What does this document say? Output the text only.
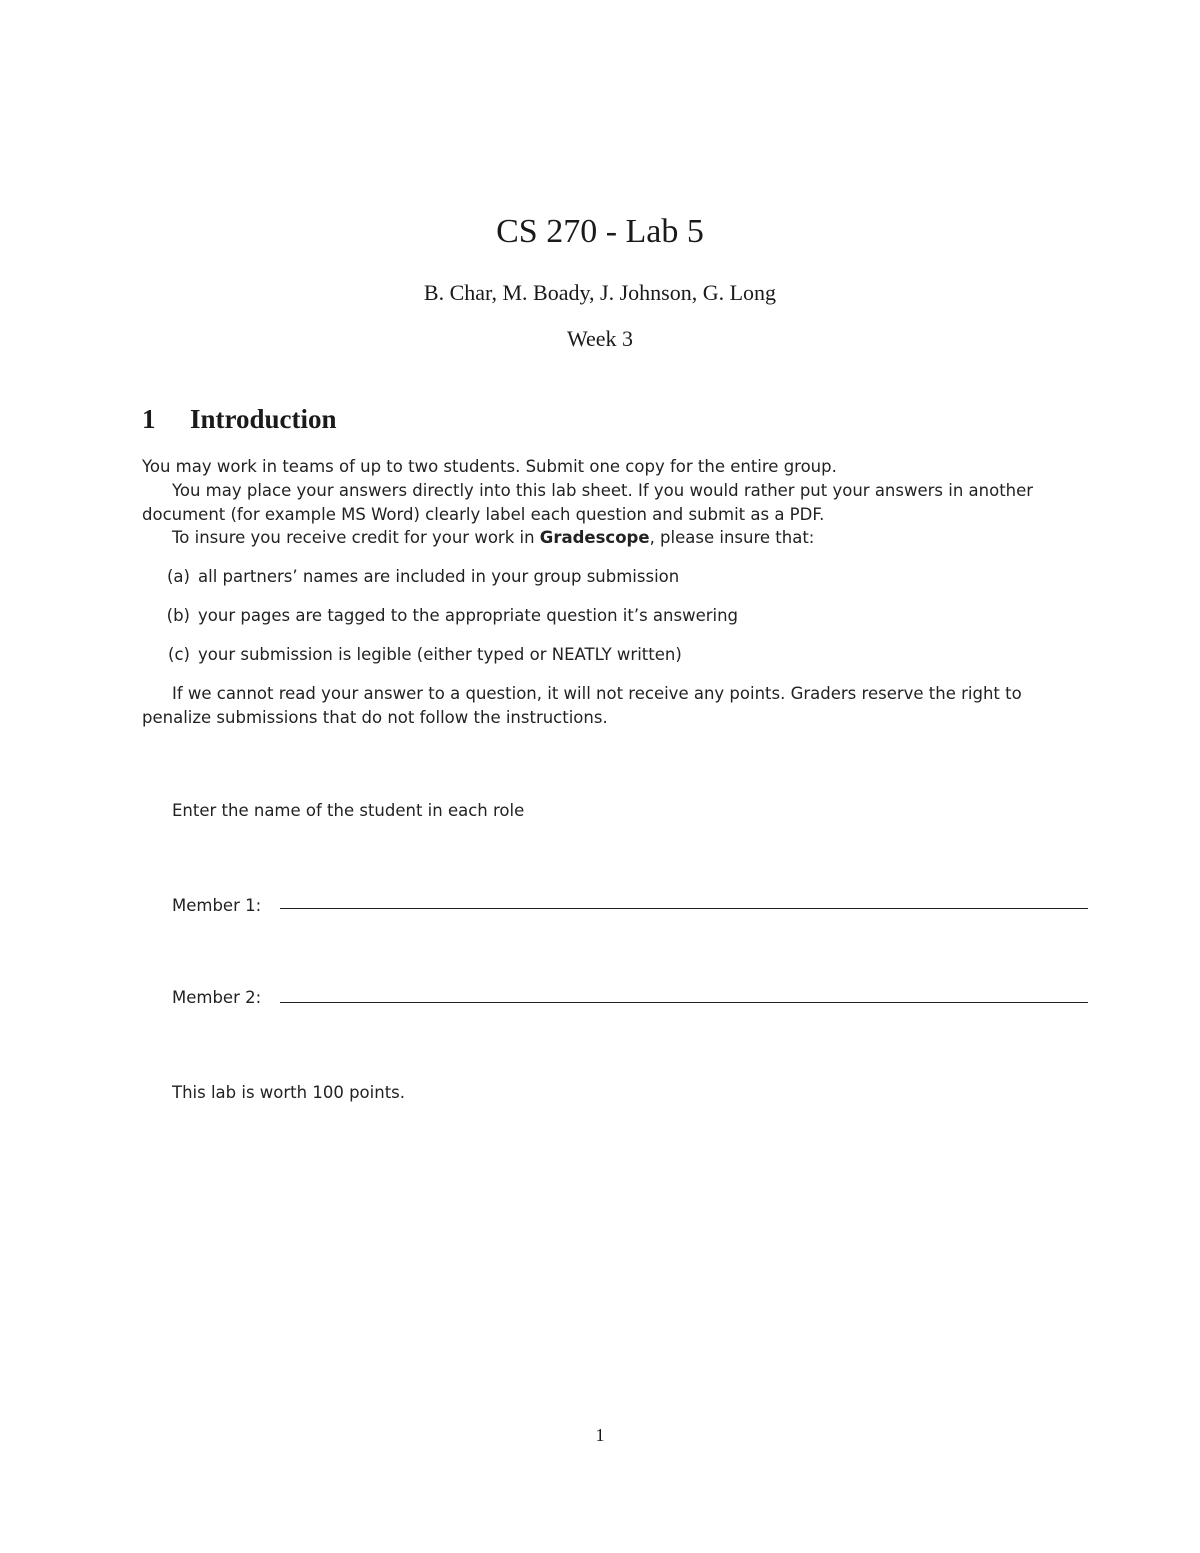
CS 270 - Lab 5
B. Char, M. Boady, J. Johnson, G. Long
Week 3
1 Introduction
You may work in teams of up to two students. Submit one copy for the entire group.
You may place your answers directly into this lab sheet. If you would rather put your answers in another
document (for example MS Word) clearly label each question and submit as a PDF.
To insure you receive credit for your work in Gradescope, please insure that:
(a) all partners’ names are included in your group submission
(b) your pages are tagged to the appropriate question it’s answering
(c) your submission is legible (either typed or NEATLY written)
If we cannot read your answer to a question, it will not receive any points. Graders reserve the right to
penalize submissions that do not follow the instructions.
Enter the name of the student in each role
Member 1:
Member 2:
This lab is worth 100 points.
1
